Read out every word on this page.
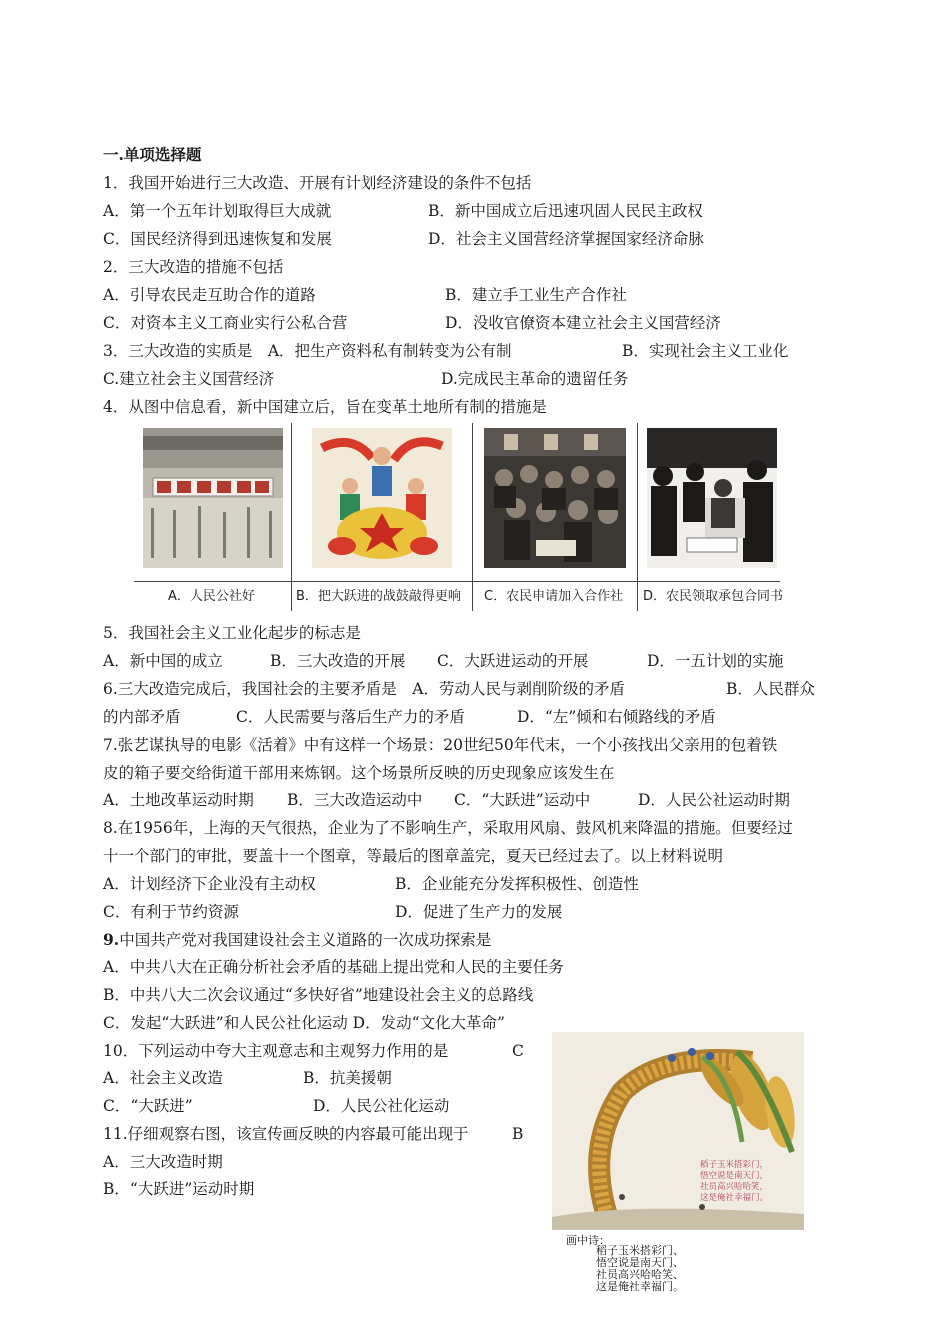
一.单项选择题
1．我国开始进行三大改造、开展有计划经济建设的条件不包括
A．第一个五年计划取得巨大成就	B．新中国成立后迅速巩固人民民主政权
C．国民经济得到迅速恢复和发展	D．社会主义国营经济掌握国家经济命脉
2．三大改造的措施不包括
A．引导农民走互助合作的道路	B．建立手工业生产合作社
C．对资本主义工商业实行公私合营	D．没收官僚资本建立社会主义国营经济
3．三大改造的实质是　A．把生产资料私有制转变为公有制	B．实现社会主义工业化
C.建立社会主义国营经济	D.完成民主革命的遗留任务
4．从图中信息看，新中国建立后，旨在变革土地所有制的措施是
A．人民公社好	B．把大跃进的战鼓敲得更响 C．农民申请加入合作社 D．农民领取承包合同书
5．我国社会主义工业化起步的标志是
A．新中国的成立	B．三大改造的开展 C．大跃进运动的开展	D．一五计划的实施
6.三大改造完成后，我国社会的主要矛盾是　A．劳动人民与剥削阶级的矛盾	B．人民群众
的内部矛盾	C．人民需要与落后生产力的矛盾	D．“左”倾和右倾路线的矛盾
7.张艺谋执导的电影《活着》中有这样一个场景：20世纪50年代末，一个小孩找出父亲用的包着铁
皮的箱子要交给街道干部用来炼钢。这个场景所反映的历史现象应该发生在
A．土地改革运动时期 B．三大改造运动中 C．“大跃进”运动中	D．人民公社运动时期
8.在1956年，上海的天气很热，企业为了不影响生产，采取用风扇、鼓风机来降温的措施。但要经过
十一个部门的审批，要盖十一个图章，等最后的图章盖完，夏天已经过去了。以上材料说明
A．计划经济下企业没有主动权	B．企业能充分发挥积极性、创造性
C．有利于节约资源	D．促进了生产力的发展
9.中国共产党对我国建设社会主义道路的一次成功探索是
A．中共八大在正确分析社会矛盾的基础上提出党和人民的主要任务
B．中共八大二次会议通过“多快好省”地建设社会主义的总路线
C．发起“大跃进”和人民公社化运动 D．发动“文化大革命”
10．下列运动中夸大主观意志和主观努力作用的是	C
A．社会主义改造	B．抗美援朝
C．“大跃进”	D．人民公社化运动
11.仔细观察右图，该宣传画反映的内容最可能出现于	B
A．三大改造时期
B．“大跃进”运动时期
稻子玉米搭彩门，
悟空说是南天门，
社员高兴哈哈笑，
这是俺社幸福门。
画中诗：
稻子玉米搭彩门、
悟空说是南天门、
社员高兴哈哈笑、
这是俺社幸福门。
